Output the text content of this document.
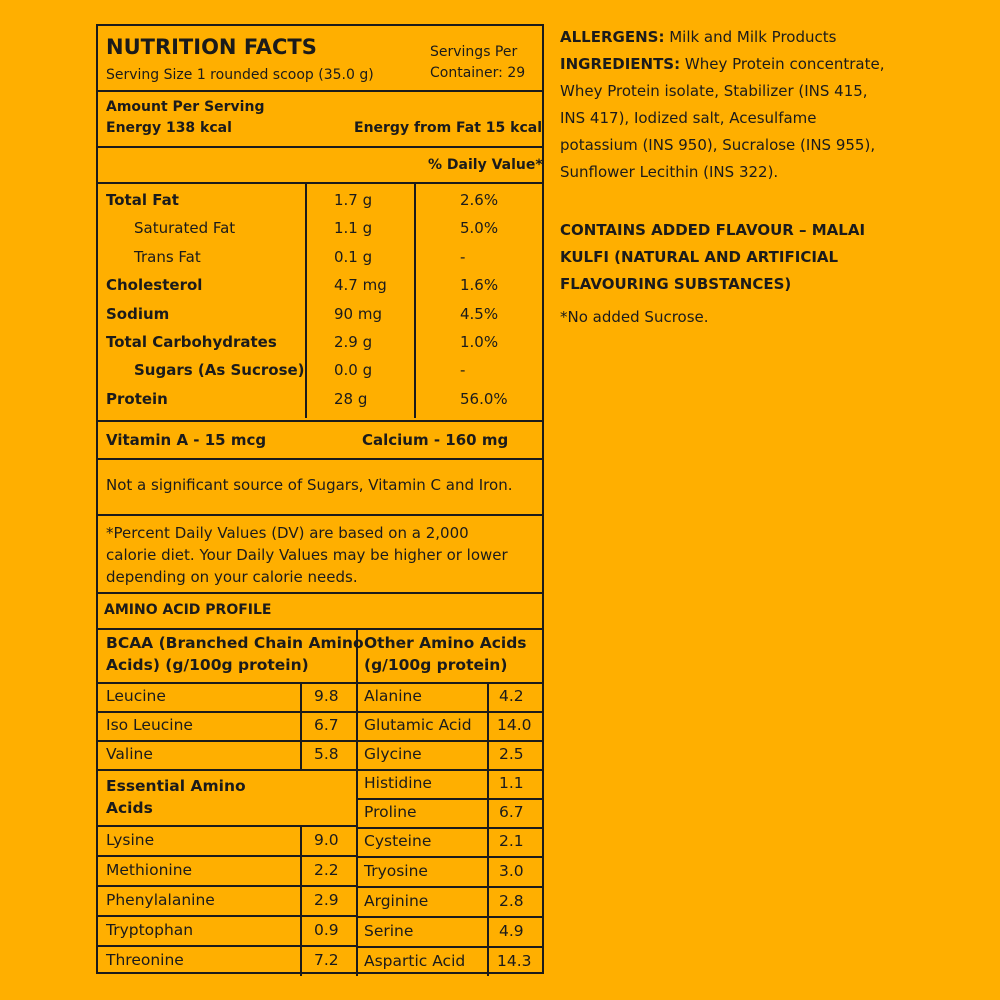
NUTRITION FACTS
Serving Size 1 rounded scoop (35.0 g)
Servings Per
Container: 29
Amount Per Serving
Energy 138 kcal	Energy from Fat 15 kcal
% Daily Value*
Total Fat	1.7 g	2.6%
Saturated Fat	1.1 g	5.0%
Trans Fat	0.1 g	-
Cholesterol	4.7 mg	1.6%
Sodium	90 mg	4.5%
Total Carbohydrates	2.9 g	1.0%
Sugars (As Sucrose) 0.0 g	-
Protein	28 g	56.0%
Vitamin A - 15 mcg	Calcium - 160 mg
Not a significant source of Sugars, Vitamin C and Iron.
*Percent Daily Values (DV) are based on a 2,000
calorie diet. Your Daily Values may be higher or lower
depending on your calorie needs.
AMINO ACID PROFILE
BCAA (Branched Chain Amino
Acids) (g/100g protein)
Other Amino Acids
(g/100g protein)
Leucine	9.8
Iso Leucine	6.7
Valine	5.8
Essential Amino
Acids
Lysine	9.0
Methionine	2.2
Phenylalanine	2.9
Tryptophan	0.9
Threonine	7.2
Alanine	4.2
Glutamic Acid 14.0
Glycine	2.5
Histidine	1.1
Proline	6.7
Cysteine	2.1
Tryosine	3.0
Arginine	2.8
Serine	4.9
Aspartic Acid 14.3

ALLERGENS: Milk and Milk Products

INGREDIENTS: Whey Protein concentrate,

Whey Protein isolate, Stabilizer (INS 415,

INS 417), Iodized salt, Acesulfame

potassium (INS 950), Sucralose (INS 955),

Sunflower Lecithin (INS 322).

CONTAINS ADDED FLAVOUR – MALAI

KULFI (NATURAL AND ARTIFICIAL

FLAVOURING SUBSTANCES)

*No added Sucrose.
